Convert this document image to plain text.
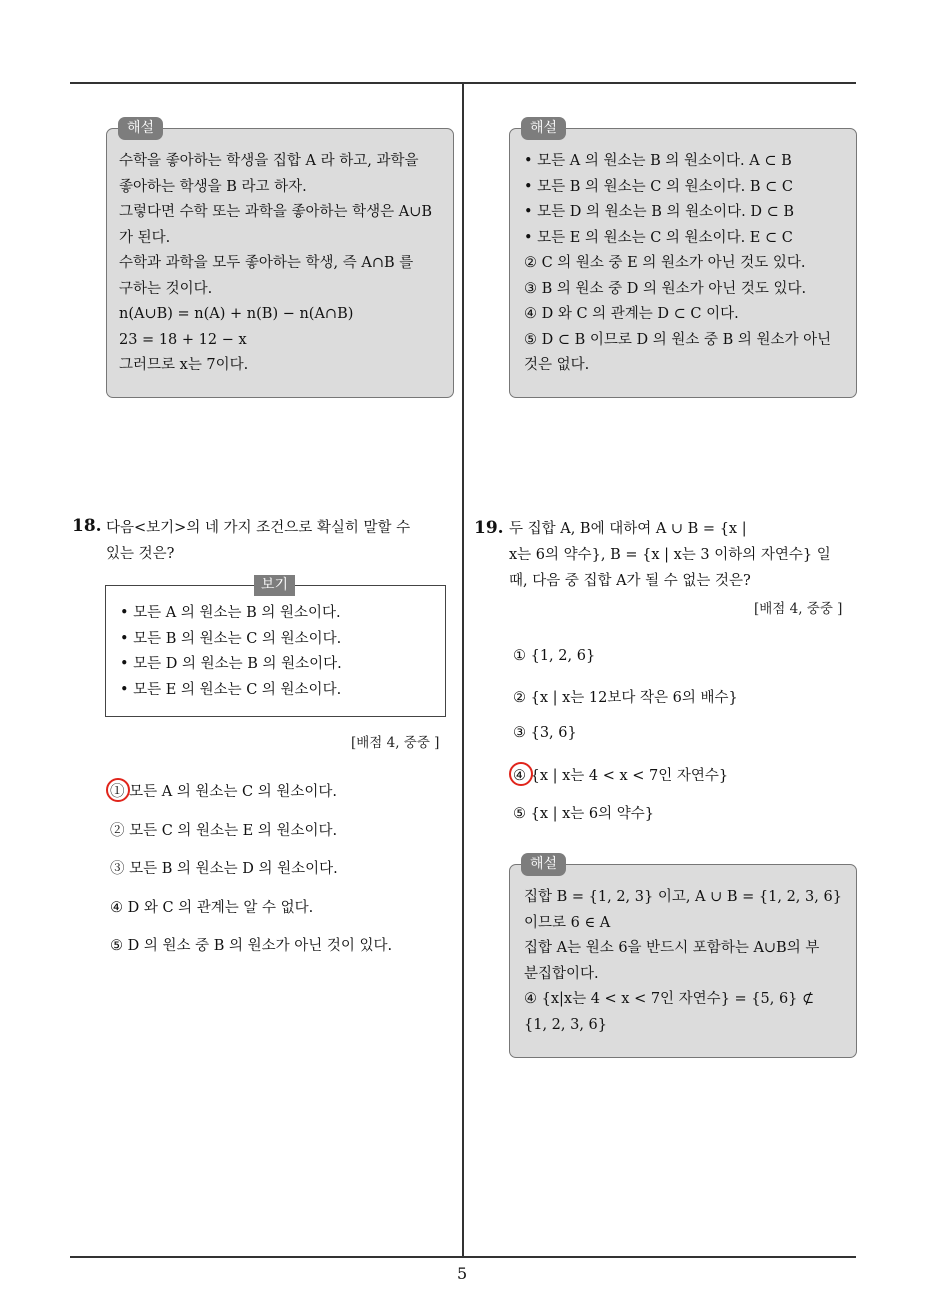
수학을 좋아하는 학생을 집합 A 라 하고, 과학을
좋아하는 학생을 B 라고 하자.
그렇다면 수학 또는 과학을 좋아하는 학생은 A∪B
가 된다.
수학과 과학을 모두 좋아하는 학생, 즉 A∩B 를
구하는 것이다.
n(A∪B) = n(A) + n(B) − n(A∩B)
23 = 18 + 12 − x
그러므로 x는 7이다.
해설
• 모든 A 의 원소는 B 의 원소이다. A ⊂ B
• 모든 B 의 원소는 C 의 원소이다. B ⊂ C
• 모든 D 의 원소는 B 의 원소이다. D ⊂ B
• 모든 E 의 원소는 C 의 원소이다. E ⊂ C
② C 의 원소 중 E 의 원소가 아닌 것도 있다.
③ B 의 원소 중 D 의 원소가 아닌 것도 있다.
④ D 와 C 의 관계는 D ⊂ C 이다.
⑤ D ⊂ B 이므로 D 의 원소 중 B 의 원소가 아닌
것은 없다.
해설
18. 다음<보기>의 네 가지 조건으로 확실히 말할 수
있는 것은?
• 모든 A 의 원소는 B 의 원소이다.
• 모든 B 의 원소는 C 의 원소이다.
• 모든 D 의 원소는 B 의 원소이다.
• 모든 E 의 원소는 C 의 원소이다.
보기
[배점 4, 중중 ]
① 모든 A 의 원소는 C 의 원소이다.
② 모든 C 의 원소는 E 의 원소이다.
③ 모든 B 의 원소는 D 의 원소이다.
④ D 와 C 의 관계는 알 수 없다.
⑤ D 의 원소 중 B 의 원소가 아닌 것이 있다.
19. 두 집합 A, B에 대하여 A ∪ B = {x |
x는 6의 약수}, B = {x | x는 3 이하의 자연수} 일
때, 다음 중 집합 A가 될 수 없는 것은?
[배점 4, 중중 ]
① {1, 2, 6}
② {x | x는 12보다 작은 6의 배수}
③ {3, 6}
④ {x | x는 4 < x < 7인 자연수}
⑤ {x | x는 6의 약수}
집합 B = {1, 2, 3} 이고, A ∪ B = {1, 2, 3, 6}
이므로 6 ∈ A
집합 A는 원소 6을 반드시 포함하는 A∪B의 부
분집합이다.
④ {x|x는 4 < x < 7인 자연수} = {5, 6} ⊄
{1, 2, 3, 6}
해설
5
